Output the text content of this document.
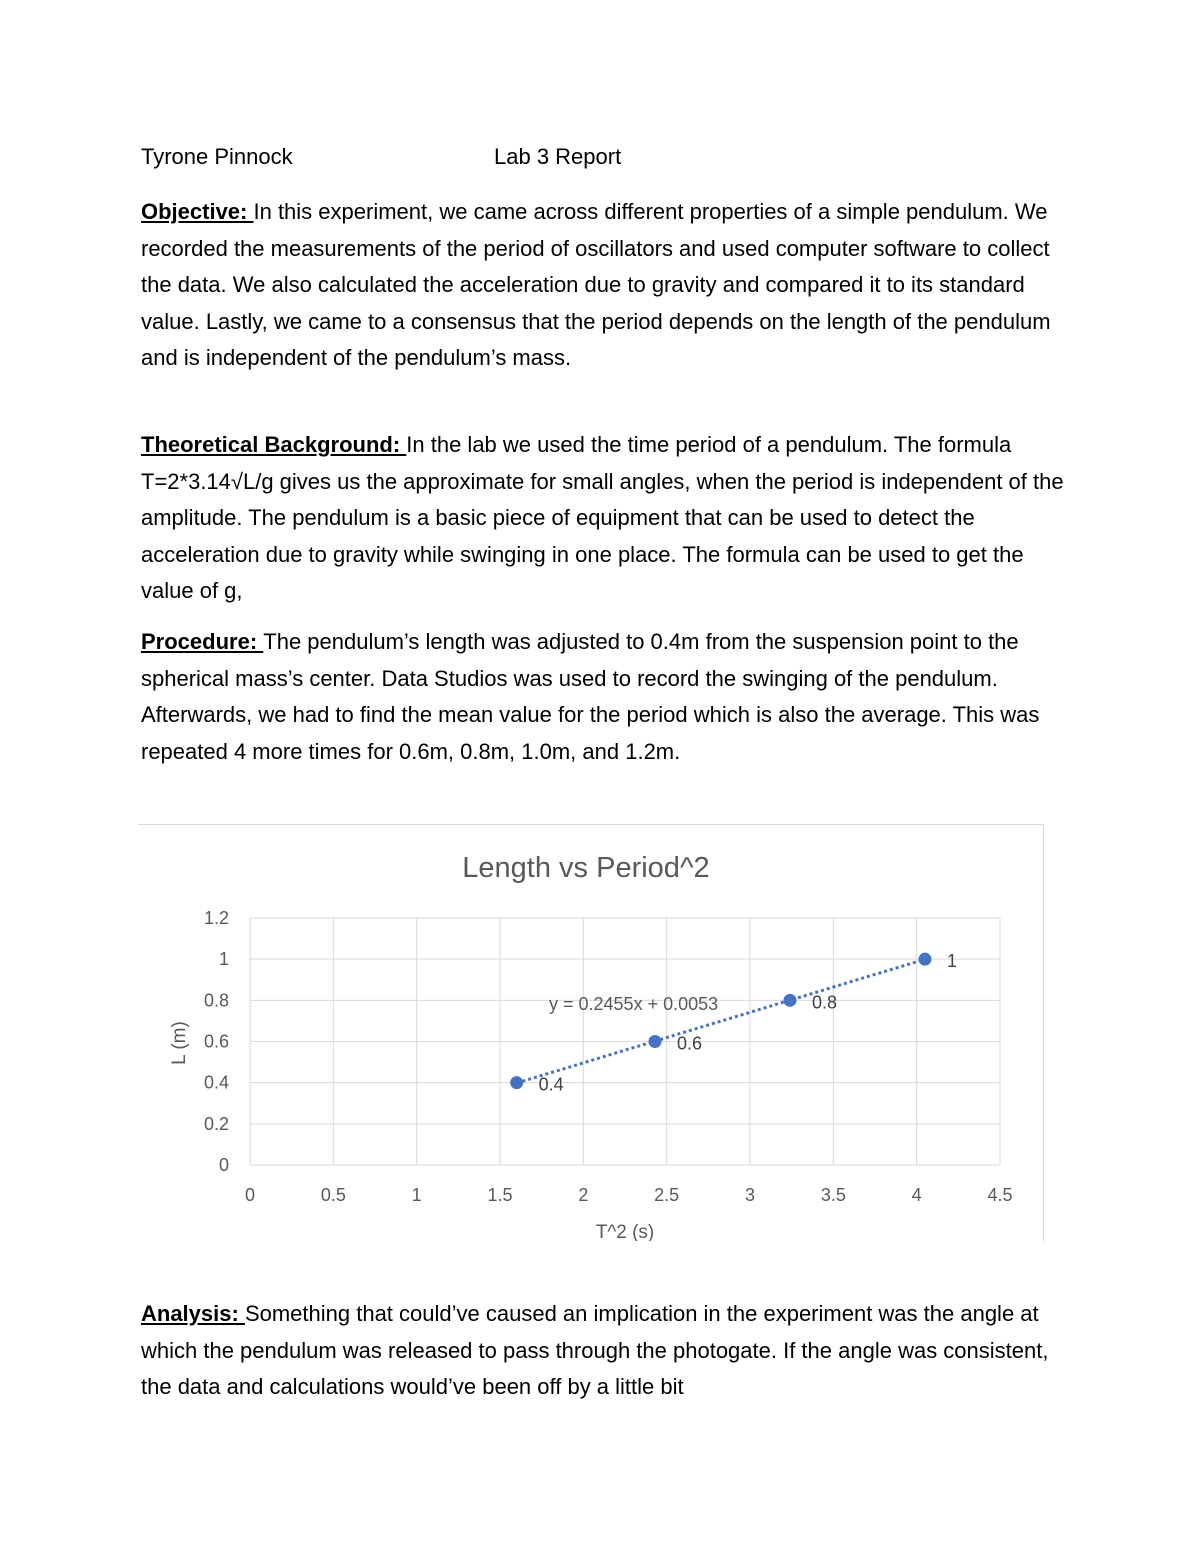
Tyrone Pinnock	Lab 3 Report
Objective: In this experiment, we came across different properties of a simple pendulum. We recorded the measurements of the period of oscillators and used computer software to collect the data. We also calculated the acceleration due to gravity and compared it to its standard value. Lastly, we came to a consensus that the period depends on the length of the pendulum and is independent of the pendulum’s mass.
Theoretical Background: In the lab we used the time period of a pendulum. The formula T=2*3.14√L/g gives us the approximate for small angles, when the period is independent of the amplitude. The pendulum is a basic piece of equipment that can be used to detect the acceleration due to gravity while swinging in one place. The formula can be used to get the value of g,
Procedure: The pendulum’s length was adjusted to 0.4m from the suspension point to the spherical mass’s center. Data Studios was used to record the swinging of the pendulum. Afterwards, we had to find the mean value for the period which is also the average. This was repeated 4 more times for 0.6m, 0.8m, 1.0m, and 1.2m.
0	0.5	1	1.5	2	2.5	3	3.5	4	4.5
0
0.2
0.4
0.6
0.8
1
1.2
0.4
0.6
0.8
1
Length vs Period^2
T^2 (s)
L (m)
y = 0.2455x + 0.0053
Analysis: Something that could’ve caused an implication in the experiment was the angle at which the pendulum was released to pass through the photogate. If the angle was consistent, the data and calculations would’ve been off by a little bit
